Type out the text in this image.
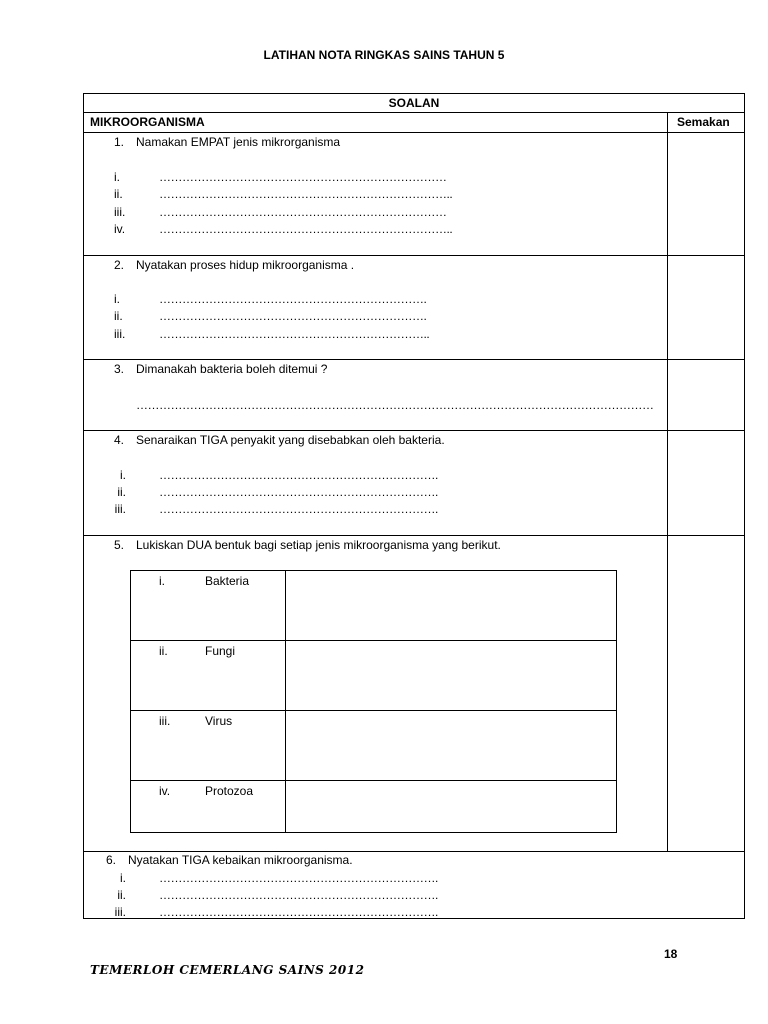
LATIHAN NOTA RINGKAS SAINS TAHUN 5
SOALAN
MIKROORGANISMA	Semakan
1. Namakan EMPAT jenis mikrorganisma
i.	…………………………………………………………………
ii.	…………………………………………………………………..
iii.	…………………………………………………………………
iv.	…………………………………………………………………..
2. Nyatakan proses hidup mikroorganisma .
i.	…………………………………………………………….
ii.	…………………………………………………………….
iii.	……………………………………………………………..
3. Dimanakah bakteria boleh ditemui ?
………………………………………………………………………………………………………………………
4. Senaraikan TIGA penyakit yang disebabkan oleh bakteria.
i.	……………………………………………………………….
ii.	……………………………………………………………….
iii.	……………………………………………………………….
5. Lukiskan DUA bentuk bagi setiap jenis mikroorganisma yang berikut.
i.	Bakteria
ii.	Fungi
iii.	Virus
iv.	Protozoa
6. Nyatakan TIGA kebaikan mikroorganisma.
i.	……………………………………………………………….
ii.	……………………………………………………………….
iii.	……………………………………………………………….
18
TEMERLOH CEMERLANG SAINS 2012
